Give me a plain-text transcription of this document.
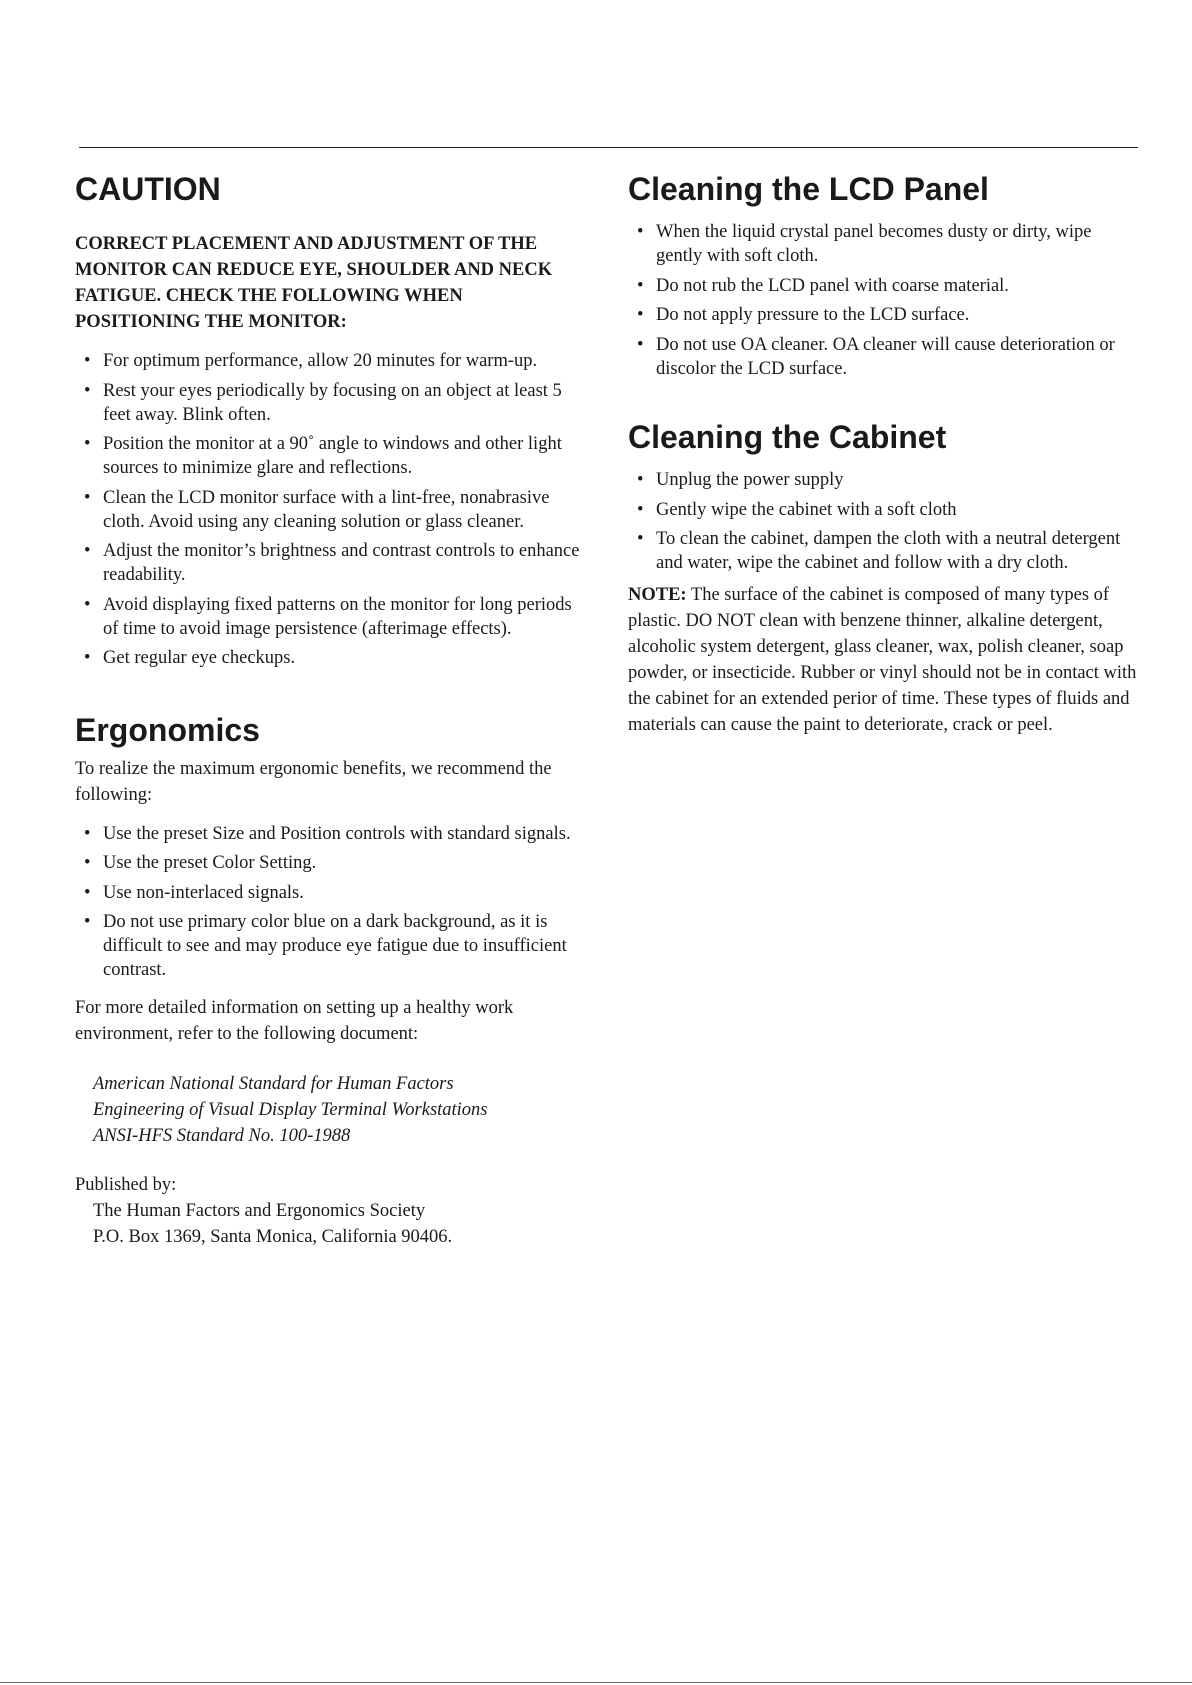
CAUTION

CORRECT PLACEMENT AND ADJUSTMENT OF THE MONITOR CAN REDUCE EYE, SHOULDER AND NECK FATIGUE. CHECK THE FOLLOWING WHEN POSITIONING THE MONITOR:

• For optimum performance, allow 20 minutes for warm-up.
• Rest your eyes periodically by focusing on an object at least 5 feet away. Blink often.
• Position the monitor at a 90˚ angle to windows and other light sources to minimize glare and reflections.
• Clean the LCD monitor surface with a lint-free, nonabrasive cloth. Avoid using any cleaning solution or glass cleaner.
• Adjust the monitor’s brightness and contrast controls to enhance readability.
• Avoid displaying fixed patterns on the monitor for long periods of time to avoid image persistence (afterimage effects).
• Get regular eye checkups.
Ergonomics

To realize the maximum ergonomic benefits, we recommend the following:

• Use the preset Size and Position controls with standard signals.
• Use the preset Color Setting.
• Use non-interlaced signals.
• Do not use primary color blue on a dark background, as it is difficult to see and may produce eye fatigue due to insufficient contrast.

For more detailed information on setting up a healthy work environment, refer to the following document:

American National Standard for Human Factors

Engineering of Visual Display Terminal Workstations

ANSI-HFS Standard No. 100-1988

Published by:

The Human Factors and Ergonomics Society

P.O. Box 1369, Santa Monica, California 90406.

Cleaning the LCD Panel
• When the liquid crystal panel becomes dusty or dirty, wipe gently with soft cloth.
• Do not rub the LCD panel with coarse material.
• Do not apply pressure to the LCD surface.
• Do not use OA cleaner. OA cleaner will cause deterioration or discolor the LCD surface.
Cleaning the Cabinet
• Unplug the power supply
• Gently wipe the cabinet with a soft cloth
• To clean the cabinet, dampen the cloth with a neutral detergent and water, wipe the cabinet and follow with a dry cloth.

NOTE: The surface of the cabinet is composed of many types of plastic. DO NOT clean with benzene thinner, alkaline detergent, alcoholic system detergent, glass cleaner, wax, polish cleaner, soap powder, or insecticide. Rubber or vinyl should not be in contact with the cabinet for an extended perior of time. These types of fluids and materials can cause the paint to deteriorate, crack or peel.
